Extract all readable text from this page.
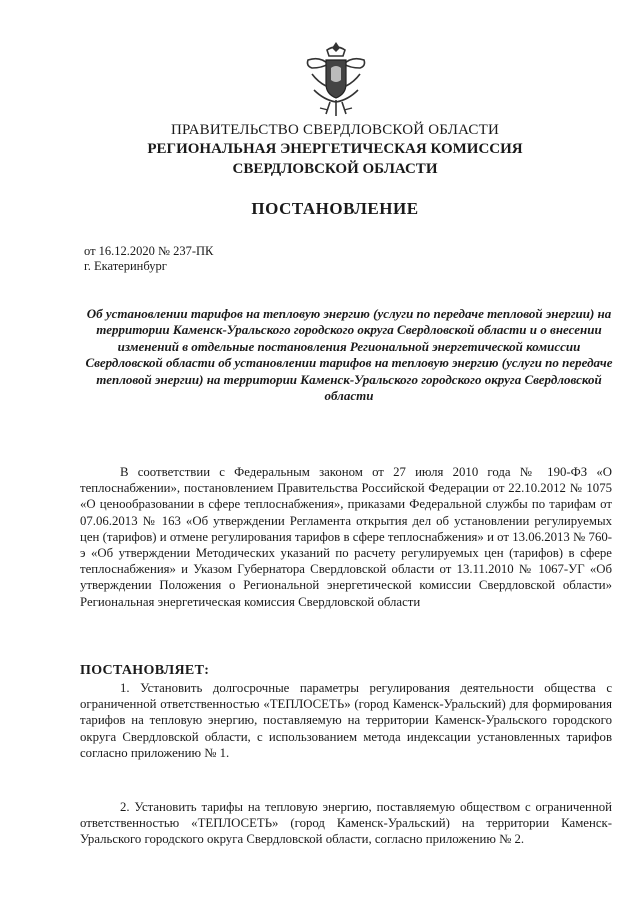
ПРАВИТЕЛЬСТВО СВЕРДЛОВСКОЙ ОБЛАСТИ
РЕГИОНАЛЬНАЯ ЭНЕРГЕТИЧЕСКАЯ КОМИССИЯ
СВЕРДЛОВСКОЙ ОБЛАСТИ
ПОСТАНОВЛЕНИЕ
от 16.12.2020 № 237-ПК
г. Екатеринбург
Об установлении тарифов на тепловую энергию (услуги по передаче тепловой энергии) на территории Каменск-Уральского городского округа Свердловской области и о внесении изменений в отдельные постановления Региональной энергетической комиссии Свердловской области об установлении тарифов на тепловую энергию (услуги по передаче тепловой энергии) на территории Каменск-Уральского городского округа Свердловской области
В соответствии с Федеральным законом от 27 июля 2010 года № 190-ФЗ «О теплоснабжении», постановлением Правительства Российской Федерации от 22.10.2012 № 1075 «О ценообразовании в сфере теплоснабжения», приказами Федеральной службы по тарифам от 07.06.2013 № 163 «Об утверждении Регламента открытия дел об установлении регулируемых цен (тарифов) и отмене регулирования тарифов в сфере теплоснабжения» и от 13.06.2013 № 760-э «Об утверждении Методических указаний по расчету регулируемых цен (тарифов) в сфере теплоснабжения» и Указом Губернатора Свердловской области от 13.11.2010 № 1067-УГ «Об утверждении Положения о Региональной энергетической комиссии Свердловской области» Региональная энергетическая комиссия Свердловской области
ПОСТАНОВЛЯЕТ:
1. Установить долгосрочные параметры регулирования деятельности общества с ограниченной ответственностью «ТЕПЛОСЕТЬ» (город Каменск-Уральский) для формирования тарифов на тепловую энергию, поставляемую на территории Каменск-Уральского городского округа Свердловской области, с использованием метода индексации установленных тарифов согласно приложению № 1.
2. Установить тарифы на тепловую энергию, поставляемую обществом с ограниченной ответственностью «ТЕПЛОСЕТЬ» (город Каменск-Уральский) на территории Каменск-Уральского городского округа Свердловской области, согласно приложению № 2.
